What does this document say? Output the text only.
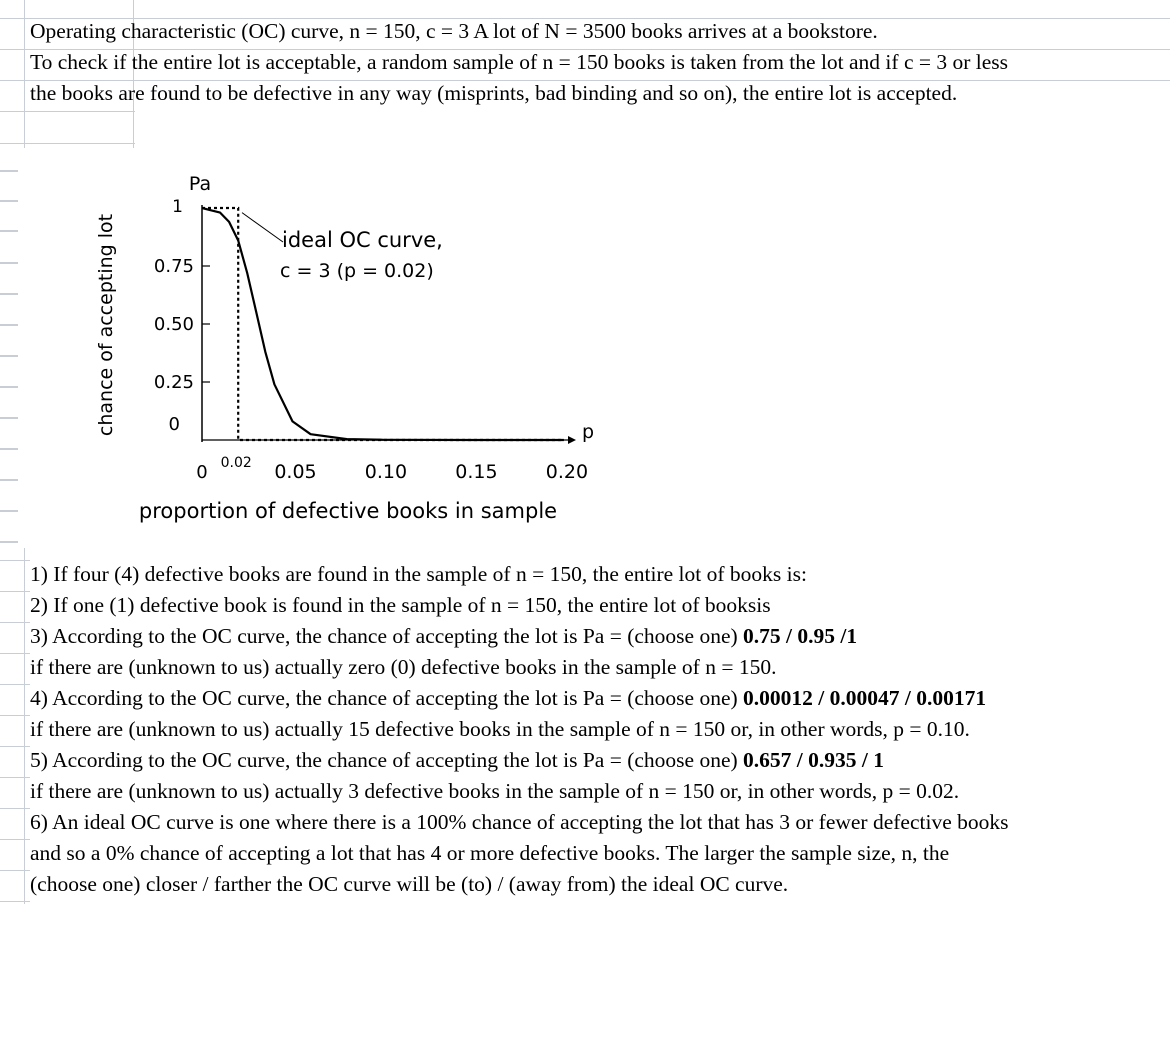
Operating characteristic (OC) curve, n = 150, c = 3 A lot of N = 3500 books arrives at a bookstore.
To check if the entire lot is acceptable, a random sample of n = 150 books is taken from the lot and if c = 3 or less
the books are found to be defective in any way (misprints, bad binding and so on), the entire lot is accepted.
Pa
p
chance of accepting lot
proportion of defective books in sample
0
0.25
0.50
0.75
1
0 0.02 0.05	0.10	0.15	0.20
ideal OC curve,
c = 3 (p = 0.02)
1) If four (4) defective books are found in the sample of n = 150, the entire lot of books is:
2) If one (1) defective book is found in the sample of n = 150, the entire lot of booksis
3) According to the OC curve, the chance of accepting the lot is Pa = (choose one) 0.75 / 0.95 /1
if there are (unknown to us) actually zero (0) defective books in the sample of n = 150.
4) According to the OC curve, the chance of accepting the lot is Pa = (choose one) 0.00012 / 0.00047 / 0.00171
if there are (unknown to us) actually 15 defective books in the sample of n = 150 or, in other words, p = 0.10.
5) According to the OC curve, the chance of accepting the lot is Pa = (choose one) 0.657 / 0.935 / 1
if there are (unknown to us) actually 3 defective books in the sample of n = 150 or, in other words, p = 0.02.
6) An ideal OC curve is one where there is a 100% chance of accepting the lot that has 3 or fewer defective books
and so a 0% chance of accepting a lot that has 4 or more defective books. The larger the sample size, n, the
(choose one) closer / farther the OC curve will be (to) / (away from) the ideal OC curve.
